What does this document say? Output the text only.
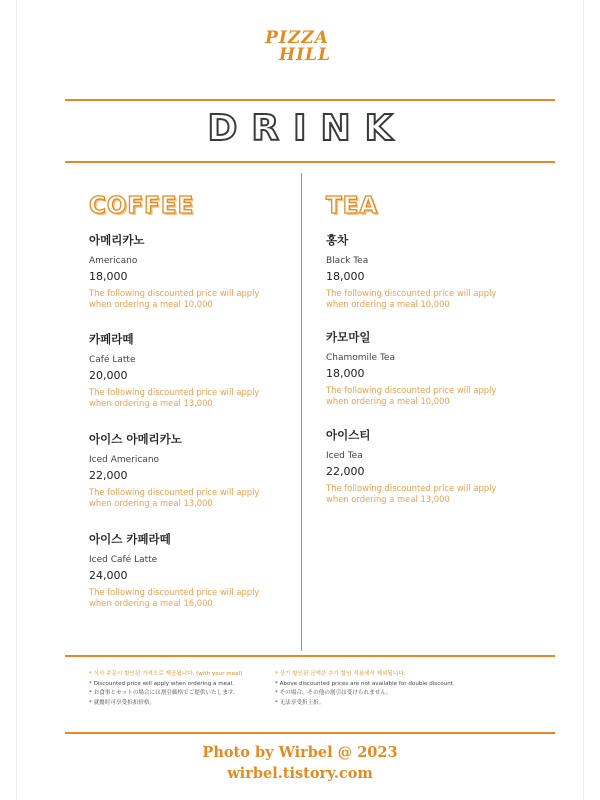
PIZZA
HILL
DRINK
COFFEE
아메리카노
Americano
18,000
The following discounted price will apply
when ordering a meal 10,000
카페라떼
Café Latte
20,000
The following discounted price will apply
when ordering a meal 13,000
아이스 아메리카노
Iced Americano
22,000
The following discounted price will apply
when ordering a meal 13,000
아이스 카페라떼
Iced Café Latte
24,000
The following discounted price will apply
when ordering a meal 16,000
TEA
홍차
Black Tea
18,000
The following discounted price will apply
when ordering a meal 10,000
카모마일
Chamomile Tea
18,000
The following discounted price will apply
when ordering a meal 10,000
아이스티
Iced Tea
22,000
The following discounted price will apply
when ordering a meal 13,000
* 식사 주문시 할인된 가격으로 제공됩니다. (with your meal)
* Discounted price will apply when ordering a meal.
* お食事とセットの場合には割引価格でご提供いたします。
* 就餐时可享受折扣价格。
* 상기 할인된 금액은 추가 할인 적용에서 제외됩니다.
* Above discounted prices are not available for double discount.
* その場合、その他の割引は受けられません。
* 无法享受折上折。
Photo by Wirbel @ 2023
wirbel.tistory.com
